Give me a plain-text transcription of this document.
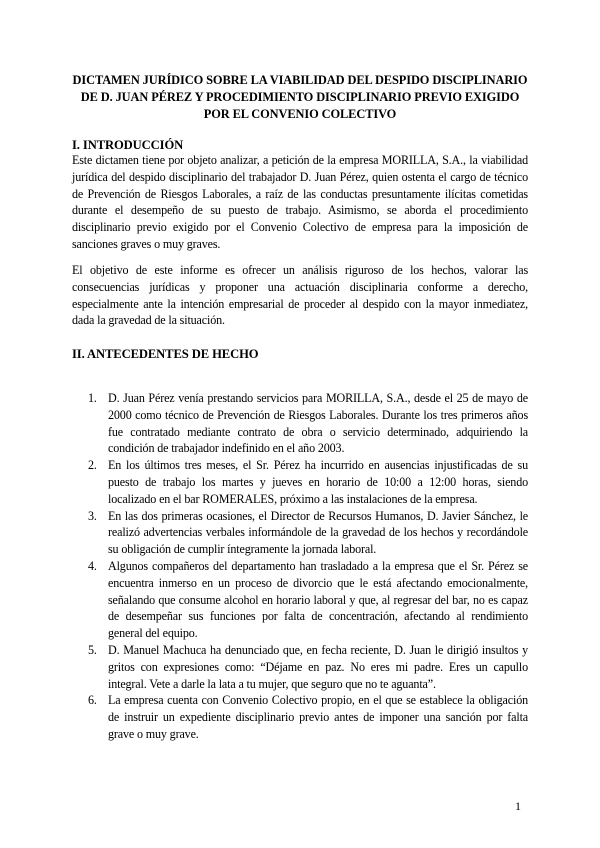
DICTAMEN JURÍDICO SOBRE LA VIABILIDAD DEL DESPIDO DISCIPLINARIO
DE D. JUAN PÉREZ Y PROCEDIMIENTO DISCIPLINARIO PREVIO EXIGIDO
POR EL CONVENIO COLECTIVO
I. INTRODUCCIÓN
Este dictamen tiene por objeto analizar, a petición de la empresa MORILLA, S.A., la viabilidad jurídica del despido disciplinario del trabajador D. Juan Pérez, quien ostenta el cargo de técnico de Prevención de Riesgos Laborales, a raíz de las conductas presuntamente ilícitas cometidas durante el desempeño de su puesto de trabajo. Asimismo, se aborda el procedimiento disciplinario previo exigido por el Convenio Colectivo de empresa para la imposición de sanciones graves o muy graves.
El objetivo de este informe es ofrecer un análisis riguroso de los hechos, valorar las consecuencias jurídicas y proponer una actuación disciplinaria conforme a derecho, especialmente ante la intención empresarial de proceder al despido con la mayor inmediatez, dada la gravedad de la situación.
II. ANTECEDENTES DE HECHO
1. D. Juan Pérez venía prestando servicios para MORILLA, S.A., desde el 25 de mayo de 2000 como técnico de Prevención de Riesgos Laborales. Durante los tres primeros años fue contratado mediante contrato de obra o servicio determinado, adquiriendo la condición de trabajador indefinido en el año 2003.
2. En los últimos tres meses, el Sr. Pérez ha incurrido en ausencias injustificadas de su puesto de trabajo los martes y jueves en horario de 10:00 a 12:00 horas, siendo localizado en el bar ROMERALES, próximo a las instalaciones de la empresa.
3. En las dos primeras ocasiones, el Director de Recursos Humanos, D. Javier Sánchez, le realizó advertencias verbales informándole de la gravedad de los hechos y recordándole su obligación de cumplir íntegramente la jornada laboral.
4. Algunos compañeros del departamento han trasladado a la empresa que el Sr. Pérez se encuentra inmerso en un proceso de divorcio que le está afectando emocionalmente, señalando que consume alcohol en horario laboral y que, al regresar del bar, no es capaz de desempeñar sus funciones por falta de concentración, afectando al rendimiento general del equipo.
5. D. Manuel Machuca ha denunciado que, en fecha reciente, D. Juan le dirigió insultos y gritos con expresiones como: “Déjame en paz. No eres mi padre. Eres un capullo integral. Vete a darle la lata a tu mujer, que seguro que no te aguanta”.
6. La empresa cuenta con Convenio Colectivo propio, en el que se establece la obligación de instruir un expediente disciplinario previo antes de imponer una sanción por falta grave o muy grave.
1
